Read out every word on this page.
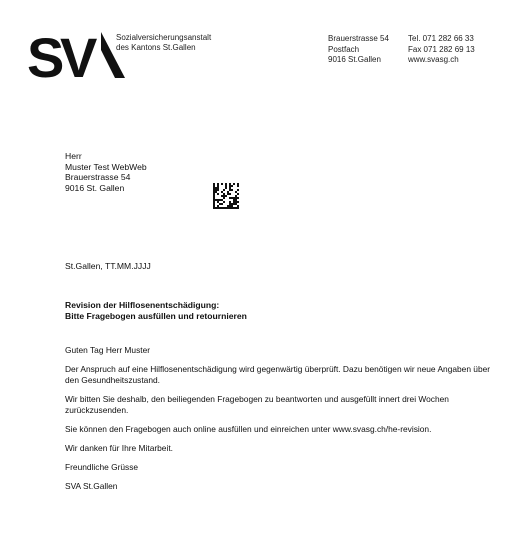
S
V Sozialversicherungsanstalt
des Kantons St.Gallen
Brauerstrasse 54
Postfach
9016 St.Gallen
Tel. 071 282 66 33
Fax 071 282 69 13
www.svasg.ch
Herr
Muster Test WebWeb
Brauerstrasse 54
9016 St. Gallen
St.Gallen, TT.MM.JJJJ
Revision der Hilflosenentschädigung:
Bitte Fragebogen ausfüllen und retournieren

Guten Tag Herr Muster

Der Anspruch auf eine Hilflosenentschädigung wird gegenwärtig überprüft. Dazu benötigen wir neue Angaben über den Gesundheitszustand.

Wir bitten Sie deshalb, den beiliegenden Fragebogen zu beantworten und ausgefüllt innert drei Wochen zurückzusenden.

Sie können den Fragebogen auch online ausfüllen und einreichen unter www.svasg.ch/he-revision.

Wir danken für Ihre Mitarbeit.

Freundliche Grüsse

SVA St.Gallen
